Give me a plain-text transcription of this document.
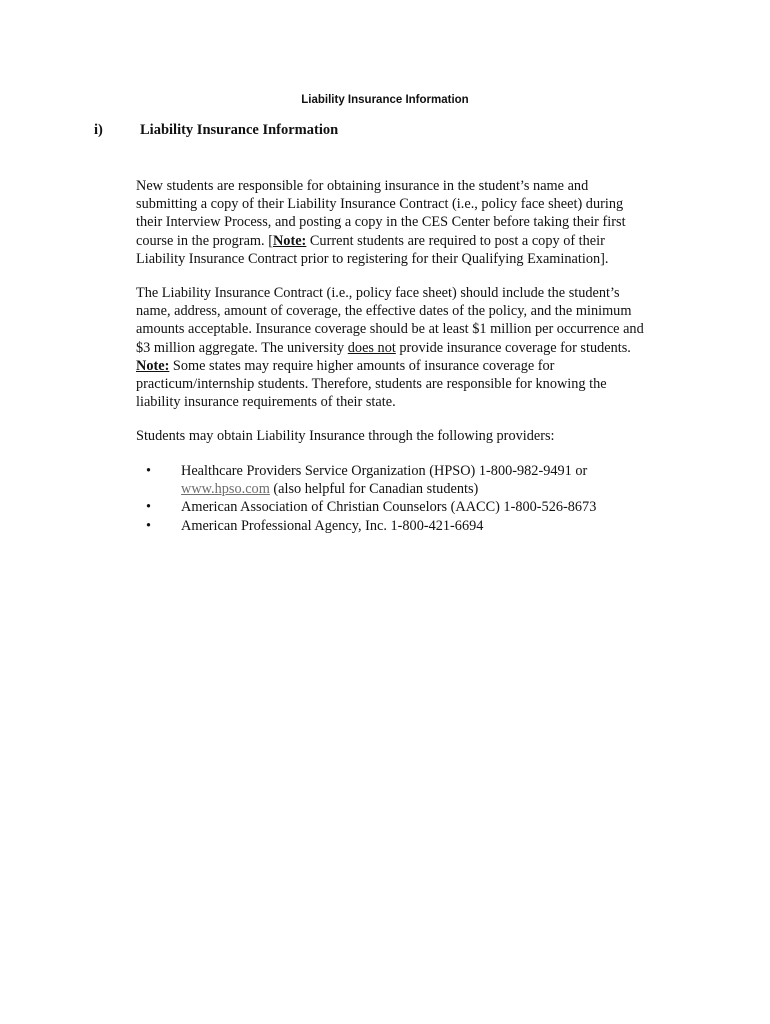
Liability Insurance Information
i)	Liability Insurance Information
New students are responsible for obtaining insurance in the student’s name and
submitting a copy of their Liability Insurance Contract (i.e., policy face sheet) during
their Interview Process, and posting a copy in the CES Center before taking their first
course in the program. [Note: Current students are required to post a copy of their
Liability Insurance Contract prior to registering for their Qualifying Examination].
The Liability Insurance Contract (i.e., policy face sheet) should include the student’s
name, address, amount of coverage, the effective dates of the policy, and the minimum
amounts acceptable. Insurance coverage should be at least $1 million per occurrence and
$3 million aggregate. The university does not provide insurance coverage for students.
Note: Some states may require higher amounts of insurance coverage for
practicum/internship students. Therefore, students are responsible for knowing the
liability insurance requirements of their state.
Students may obtain Liability Insurance through the following providers:
• Healthcare Providers Service Organization (HPSO) 1-800-982-9491 or
www.hpso.com (also helpful for Canadian students)
• American Association of Christian Counselors (AACC) 1-800-526-8673
• American Professional Agency, Inc. 1-800-421-6694
